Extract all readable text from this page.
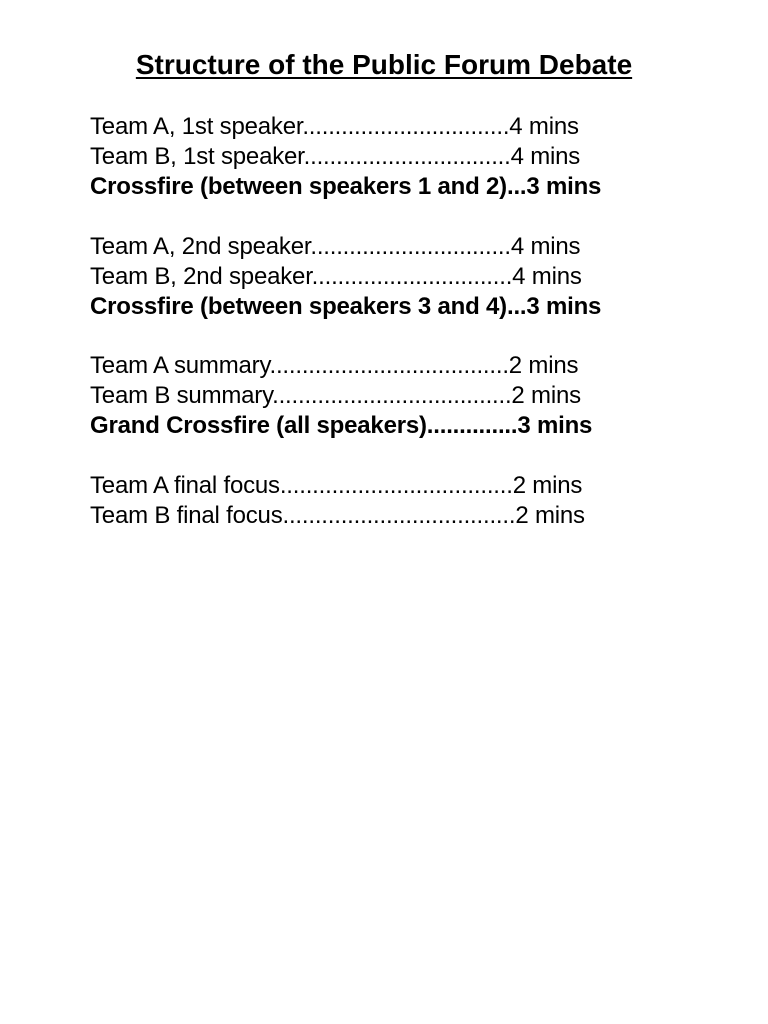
Structure of the Public Forum Debate
Team A, 1st speaker................................4 mins
Team B, 1st speaker................................4 mins
Crossfire (between speakers 1 and 2)...3 mins
Team A, 2nd speaker...............................4 mins
Team B, 2nd speaker...............................4 mins
Crossfire (between speakers 3 and 4)...3 mins
Team A summary.....................................2 mins
Team B summary.....................................2 mins
Grand Crossfire (all speakers)..............3 mins
Team A final focus....................................2 mins
Team B final focus....................................2 mins
